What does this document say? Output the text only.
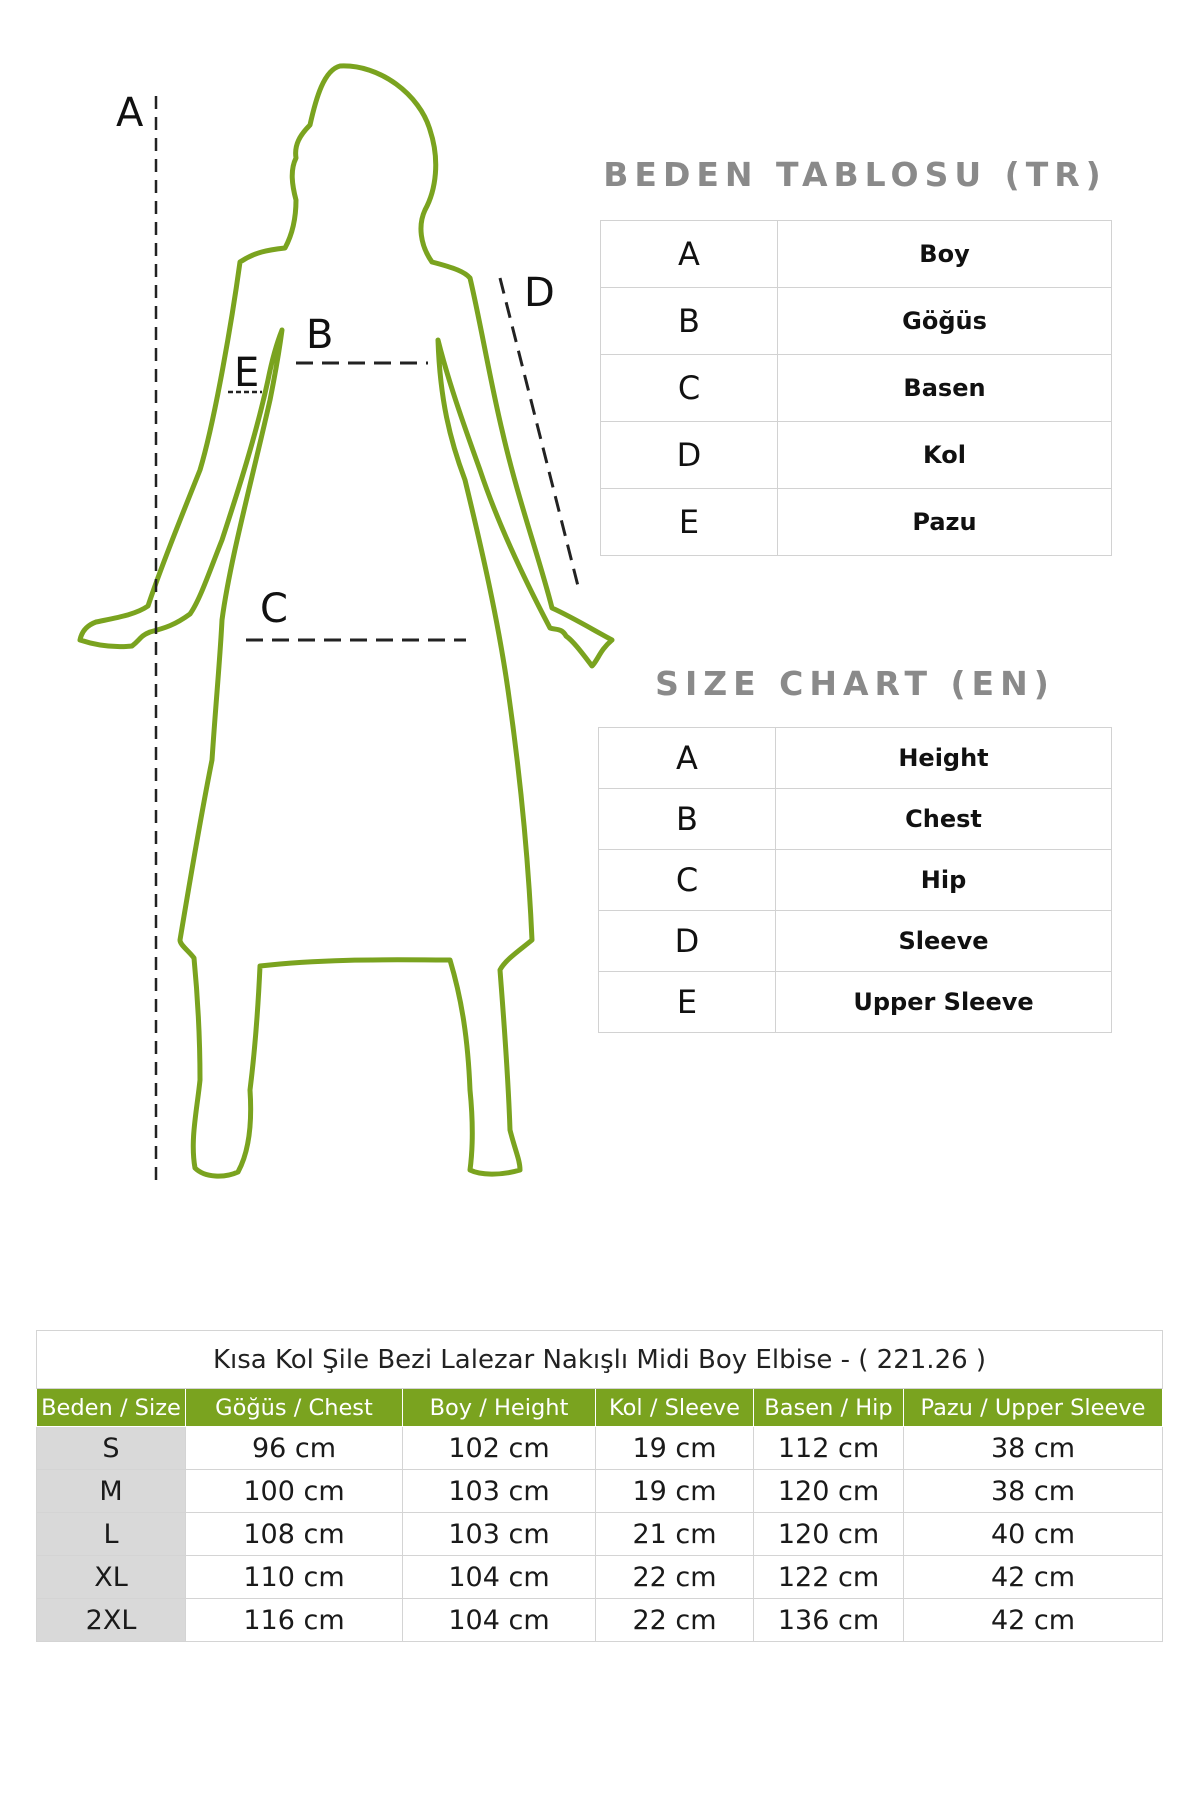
A
B
C
D
E
BEDEN TABLOSU (TR)
A	Boy
B	Göğüs
C	Basen
D	Kol
E	Pazu
SIZE CHART (EN)
A	Height
B	Chest
C	Hip
D	Sleeve
E	Upper Sleeve
Kısa Kol Şile Bezi Lalezar Nakışlı Midi Boy Elbise - ( 221.26 )					
Beden / Size	Göğüs / Chest	Boy / Height	Kol / Sleeve	Basen / Hip	Pazu / Upper Sleeve
S	96 cm	102 cm	19 cm	112 cm	38 cm
M	100 cm	103 cm	19 cm	120 cm	38 cm
L	108 cm	103 cm	21 cm	120 cm	40 cm
XL	110 cm	104 cm	22 cm	122 cm	42 cm
2XL	116 cm	104 cm	22 cm	136 cm	42 cm
